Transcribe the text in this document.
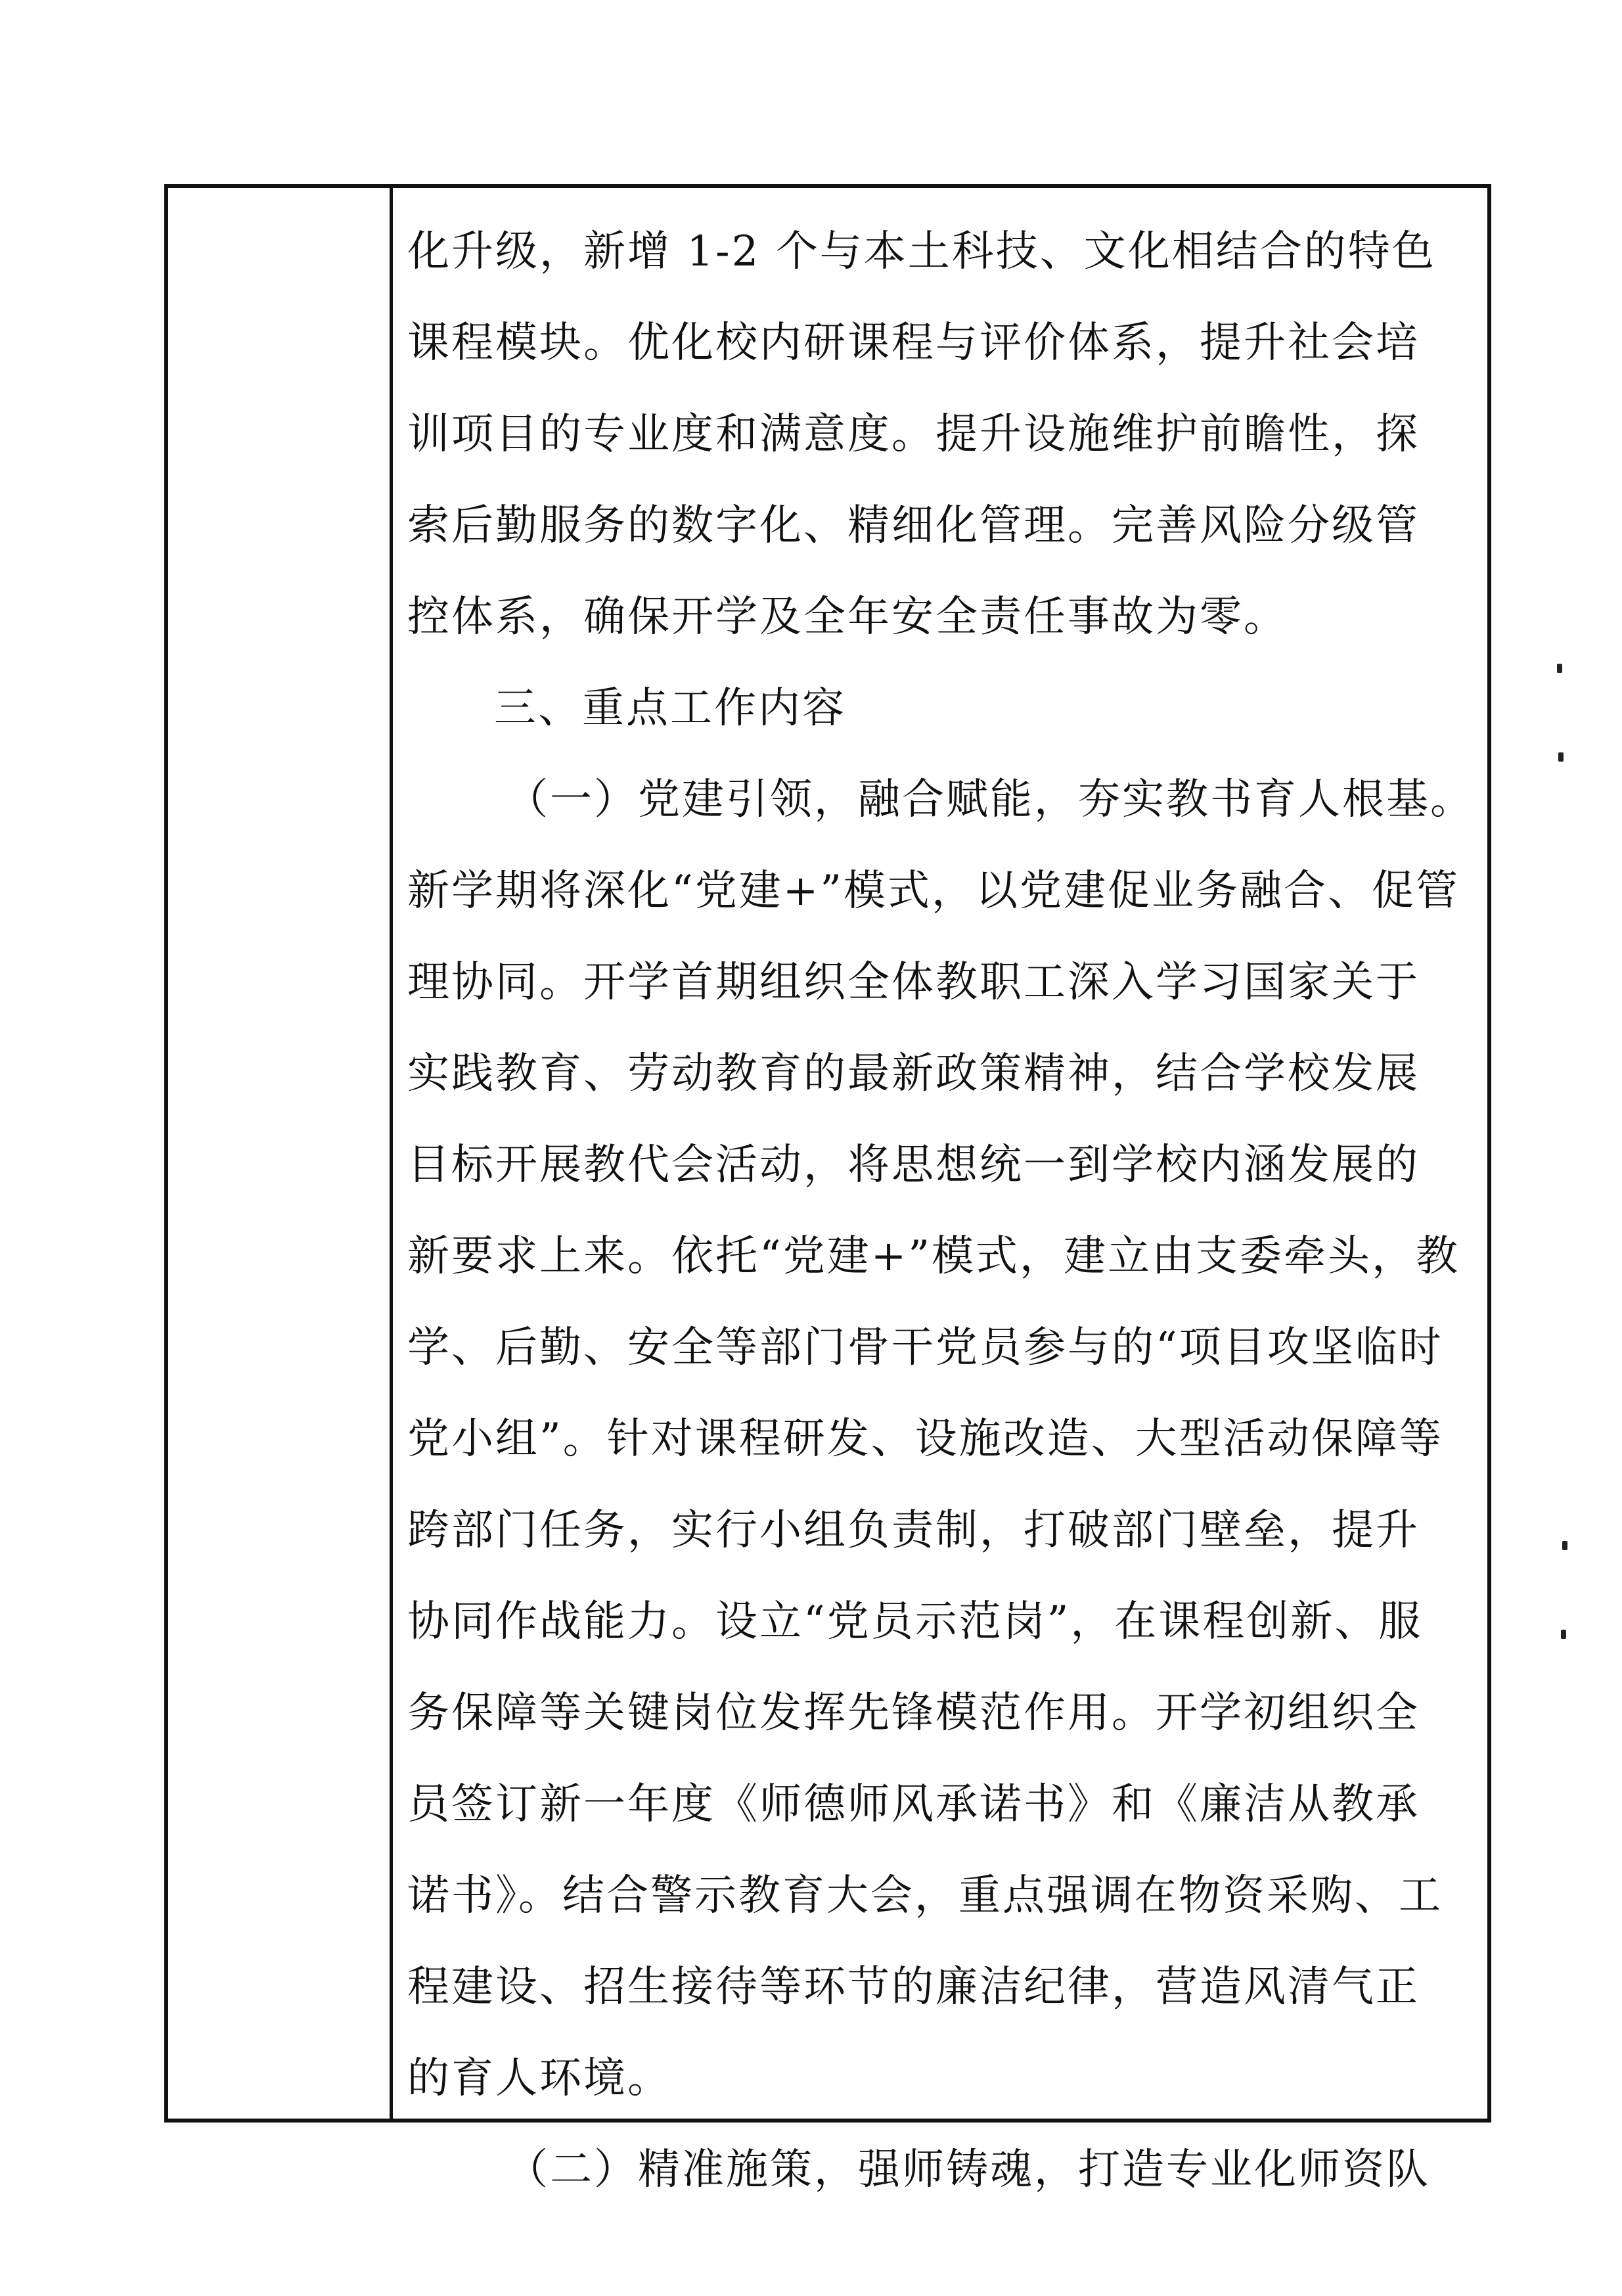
化升级，新增 1-2 个与本土科技、文化相结合的特色
课程模块。优化校内研课程与评价体系，提升社会培
训项目的专业度和满意度。提升设施维护前瞻性，探
索后勤服务的数字化、精细化管理。完善风险分级管
控体系，确保开学及全年安全责任事故为零。
三、重点工作内容
（一）党建引领，融合赋能，夯实教书育人根基。
新学期将深化“党建+”模式，以党建促业务融合、促管
理协同。开学首期组织全体教职工深入学习国家关于
实践教育、劳动教育的最新政策精神，结合学校发展
目标开展教代会活动，将思想统一到学校内涵发展的
新要求上来。依托“党建+”模式，建立由支委牵头，教
学、后勤、安全等部门骨干党员参与的“项目攻坚临时
党小组”。针对课程研发、设施改造、大型活动保障等
跨部门任务，实行小组负责制，打破部门壁垒，提升
协同作战能力。设立“党员示范岗”，在课程创新、服
务保障等关键岗位发挥先锋模范作用。开学初组织全
员签订新一年度《师德师风承诺书》和《廉洁从教承
诺书》。结合警示教育大会，重点强调在物资采购、工
程建设、招生接待等环节的廉洁纪律，营造风清气正
的育人环境。
（二）精准施策，强师铸魂，打造专业化师资队
